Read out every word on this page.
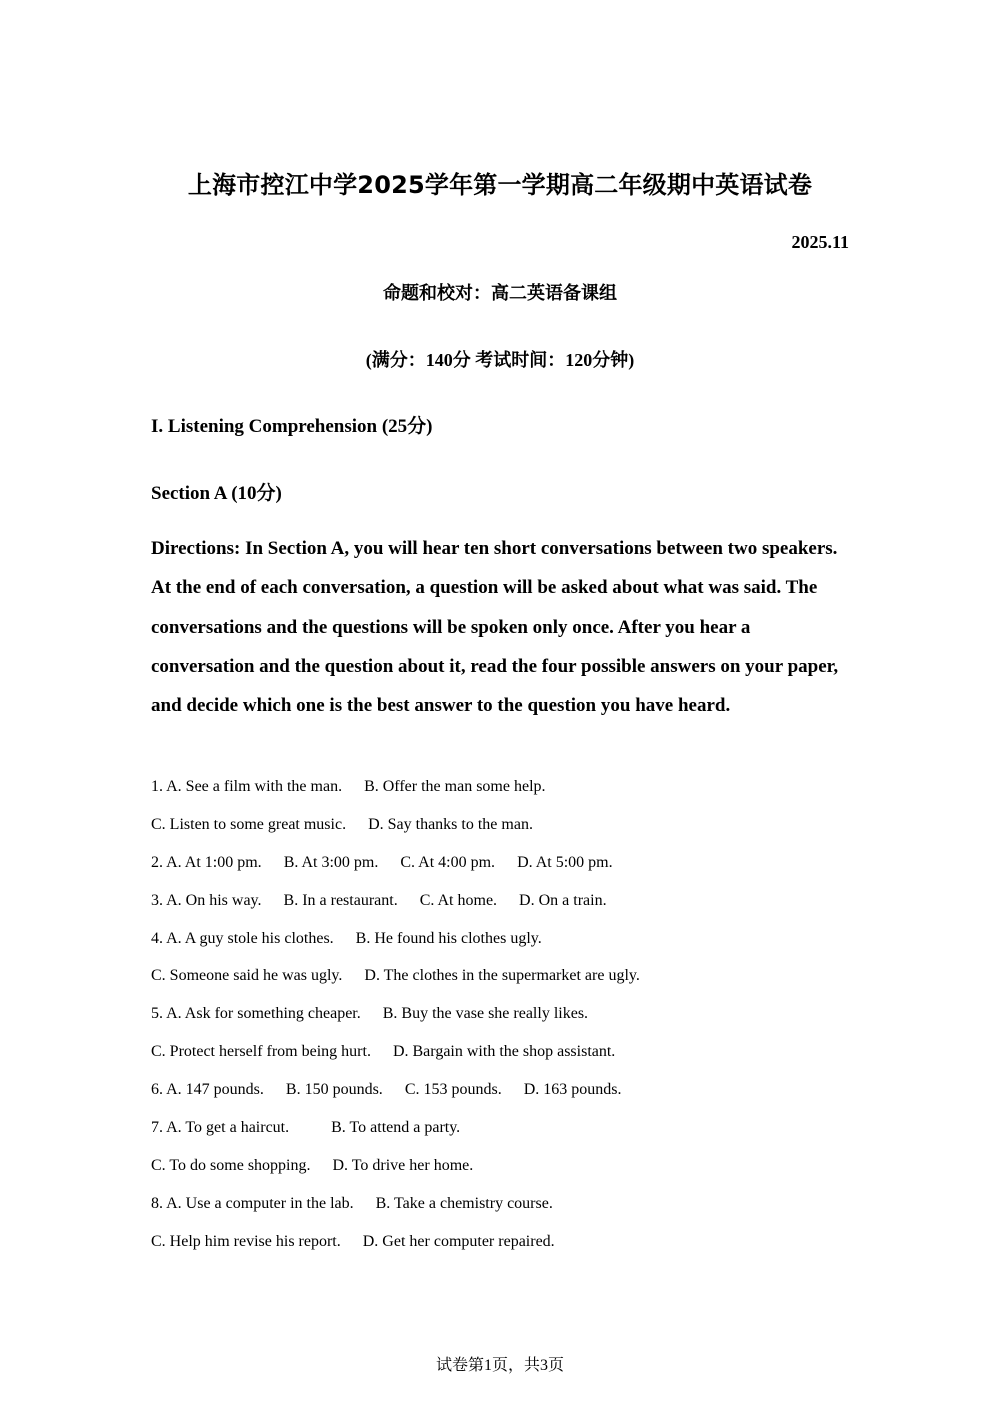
上海市控江中学2025学年第一学期高二年级期中英语试卷
2025.11
命题和校对：高二英语备课组
(满分：140分 考试时间：120分钟)
I. Listening Comprehension (25分)
Section A (10分)

Directions: In Section A, you will hear ten short conversations between two speakers. At the end of each conversation, a question will be asked about what was said. The conversations and the questions will be spoken only once. After you hear a conversation and the question about it, read the four possible answers on your paper, and decide which one is the best answer to the question you have heard.

1. A. See a film with the man. B. Offer the man some help.
C. Listen to some great music. D. Say thanks to the man.
2. A. At 1:00 pm. B. At 3:00 pm. C. At 4:00 pm. D. At 5:00 pm.
3. A. On his way. B. In a restaurant. C. At home. D. On a train.
4. A. A guy stole his clothes. B. He found his clothes ugly.
C. Someone said he was ugly. D. The clothes in the supermarket are ugly.
5. A. Ask for something cheaper. B. Buy the vase she really likes.
C. Protect herself from being hurt. D. Bargain with the shop assistant.
6. A. 147 pounds. B. 150 pounds. C. 153 pounds. D. 163 pounds.
7. A. To get a haircut.	B. To attend a party.
C. To do some shopping. D. To drive her home.
8. A. Use a computer in the lab. B. Take a chemistry course.
C. Help him revise his report. D. Get her computer repaired.
试卷第1页，共3页
